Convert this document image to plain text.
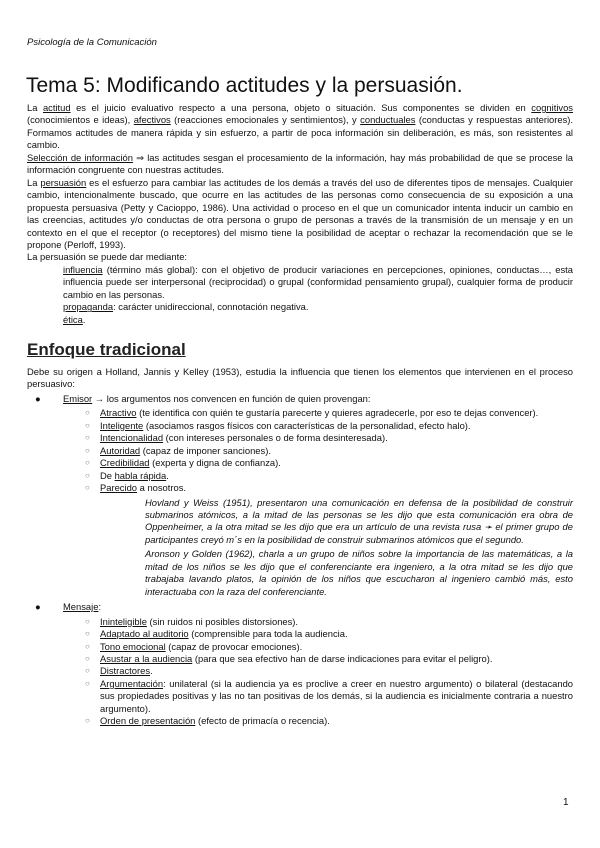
Psicología de la Comunicación
Tema 5: Modificando actitudes y la persuasión.

La actitud es el juicio evaluativo respecto a una persona, objeto o situación. Sus componentes se dividen en cognitivos (conocimientos e ideas), afectivos (reacciones emocionales y sentimientos), y conductuales (conductas y respuestas anteriores). Formamos actitudes de manera rápida y sin esfuerzo, a partir de poca información sin deliberación, es más, son resistentes al cambio.

Selección de información ⇒ las actitudes sesgan el procesamiento de la información, hay más probabilidad de que se procese la información congruente con nuestras actitudes.

La persuasión es el esfuerzo para cambiar las actitudes de los demás a través del uso de diferentes tipos de mensajes. Cualquier cambio, intencionalmente buscado, que ocurre en las actitudes de las personas como consecuencia de su exposición a una propuesta persuasiva (Petty y Cacioppo, 1986). Una actividad o proceso en el que un comunicador intenta inducir un cambio en las creencias, actitudes y/o conductas de otra persona o grupo de personas a través de la transmisión de un mensaje y en un contexto en el que el receptor (o receptores) del mismo tiene la posibilidad de aceptar o rechazar la recomendación que se le propone (Perloff, 1993).

La persuasión se puede dar mediante:

influencia (término más global): con el objetivo de producir variaciones en percepciones, opiniones, conductas…, esta influencia puede ser interpersonal (reciprocidad) o grupal (conformidad pensamiento grupal), cualquier forma de producir cambio en las personas.

propaganda: carácter unidireccional, connotación negativa.

ética.

Enfoque tradicional

Debe su origen a Holland, Jannis y Kelley (1953), estudia la influencia que tienen los elementos que intervienen en el proceso persuasivo:

● Emisor → los argumentos nos convencen en función de quien provengan:
○ Atractivo (te identifica con quién te gustaría parecerte y quieres agradecerle, por eso te dejas convencer).
○ Inteligente (asociamos rasgos físicos con características de la personalidad, efecto halo).
○ Intencionalidad (con intereses personales o de forma desinteresada).
○ Autoridad (capaz de imponer sanciones).
○ Credibilidad (experta y digna de confianza).
○ De habla rápida.
○ Parecido a nosotros.
Hovland y Weiss (1951), presentaron una comunicación en defensa de la posibilidad de construir submarinos atómicos, a la mitad de las personas se les dijo que esta comunicación era obra de Oppenheimer, a la otra mitad se les dijo que era un artículo de una revista rusa ➛ el primer grupo de participantes creyó m´s en la posibilidad de construir submarinos atómicos que el segundo.
Aronson y Golden (1962), charla a un grupo de niños sobre la importancia de las matemáticas, a la mitad de los niños se les dijo que el conferenciante era ingeniero, a la otra mitad se les dijo que trabajaba lavando platos, la opinión de los niños que escucharon al ingeniero cambió más, esto interactuaba con la raza del conferenciante.
● Mensaje:
○ Ininteligible (sin ruidos ni posibles distorsiones).
○ Adaptado al auditorio (comprensible para toda la audiencia.
○ Tono emocional (capaz de provocar emociones).
○ Asustar a la audiencia (para que sea efectivo han de darse indicaciones para evitar el peligro).
○ Distractores.
○ Argumentación: unilateral (si la audiencia ya es proclive a creer en nuestro argumento) o bilateral (destacando sus propiedades positivas y las no tan positivas de los demás, si la audiencia es inicialmente contraria a nuestro argumento).
○ Orden de presentación (efecto de primacía o recencia).
1
